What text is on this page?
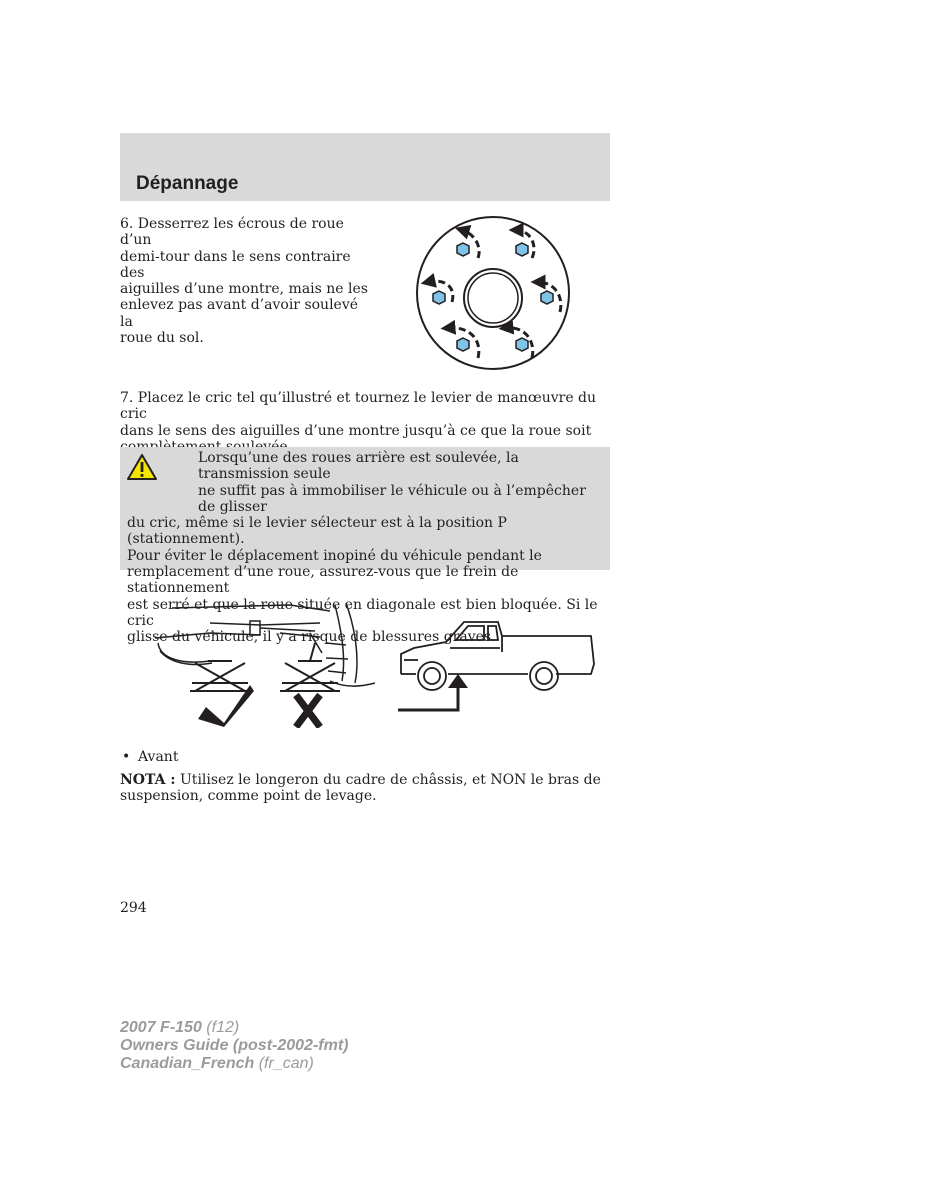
Dépannage
6. Desserrez les écrous de roue d’un
demi-tour dans le sens contraire des
aiguilles d’une montre, mais ne les
enlevez pas avant d’avoir soulevé la
roue du sol.
7. Placez le cric tel qu’illustré et tournez le levier de manœuvre du cric
dans le sens des aiguilles d’une montre jusqu’à ce que la roue soit
Lorsqu’une des roues arrière est soulevée, la transmission seule
ne suffit pas à immobiliser le véhicule ou à l’empêcher de glisser
du cric, même si le levier sélecteur est à la position P (stationnement).
Pour éviter le déplacement inopiné du véhicule pendant le
remplacement d’une roue, assurez-vous que le frein de stationnement
est serré et que la roue située en diagonale est bien bloquée. Si le cric
glisse du véhicule, il y a risque de blessures graves.
• Avant
NOTA : Utilisez le longeron du cadre de châssis, et NON le bras de
suspension, comme point de levage.
294
2007 F-150 (f12)
Owners Guide (post-2002-fmt)
Canadian_French (fr_can)
